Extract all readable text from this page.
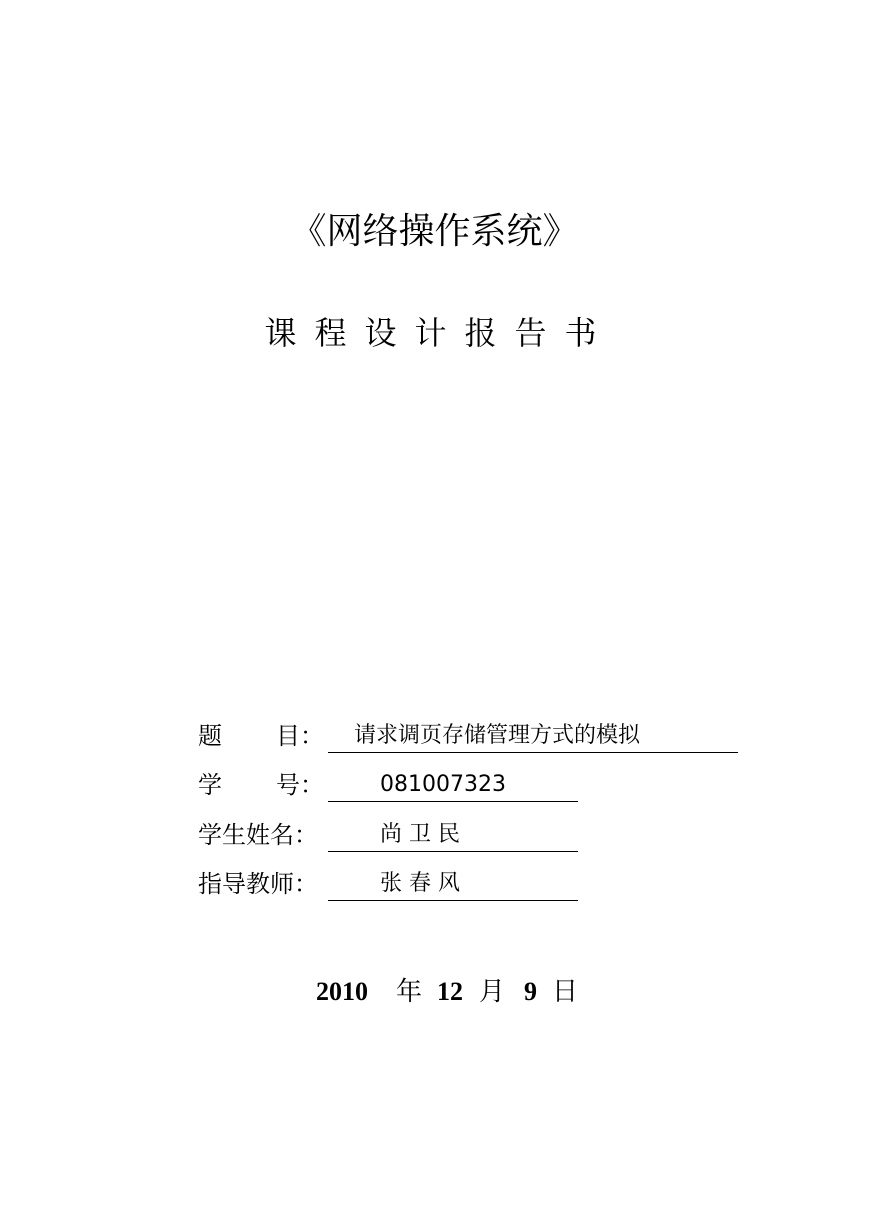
《网络操作系统》
课程设计报告书
题 目： 请求调页存储管理方式的模拟
学 号：	081007323
学生姓名：	尚 卫 民
指导教师：	张 春 风
2010 年 12 月 9 日
